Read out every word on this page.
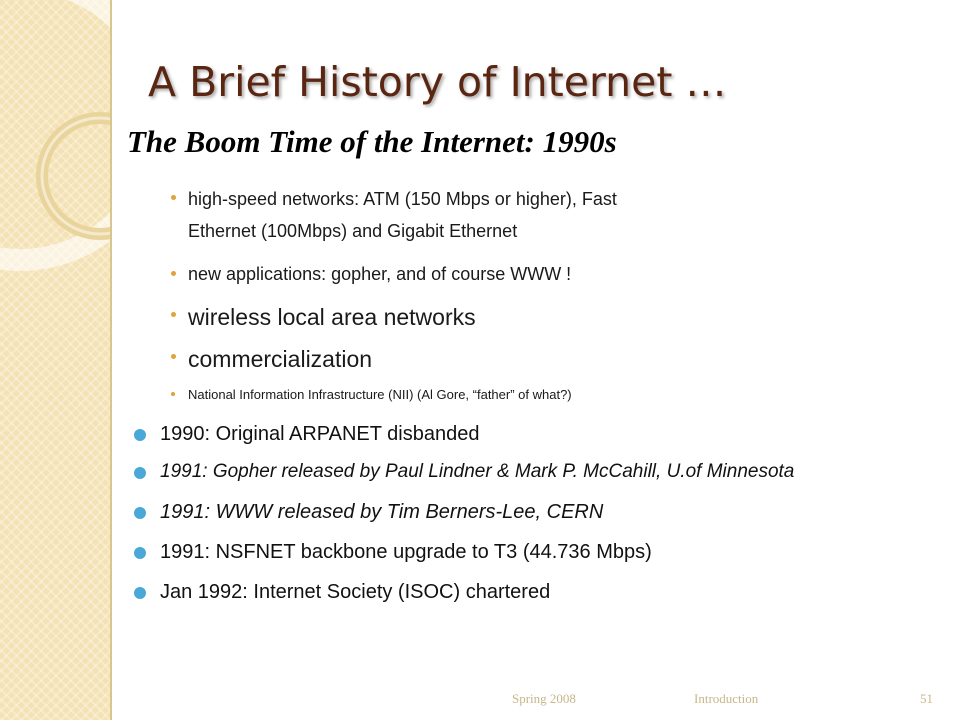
A Brief History of Internet …
The Boom Time of the Internet: 1990s
high-speed networks: ATM (150 Mbps or higher), Fast
Ethernet (100Mbps) and Gigabit Ethernet
new applications: gopher, and of course WWW !
wireless local area networks
commercialization
National Information Infrastructure (NII) (Al Gore, “father” of what?)
1990: Original ARPANET disbanded
1991: Gopher released by Paul Lindner & Mark P. McCahill, U.of Minnesota
1991: WWW released by Tim Berners-Lee, CERN
1991: NSFNET backbone upgrade to T3 (44.736 Mbps)
Jan 1992: Internet Society (ISOC) chartered
Spring 2008	Introduction	51
